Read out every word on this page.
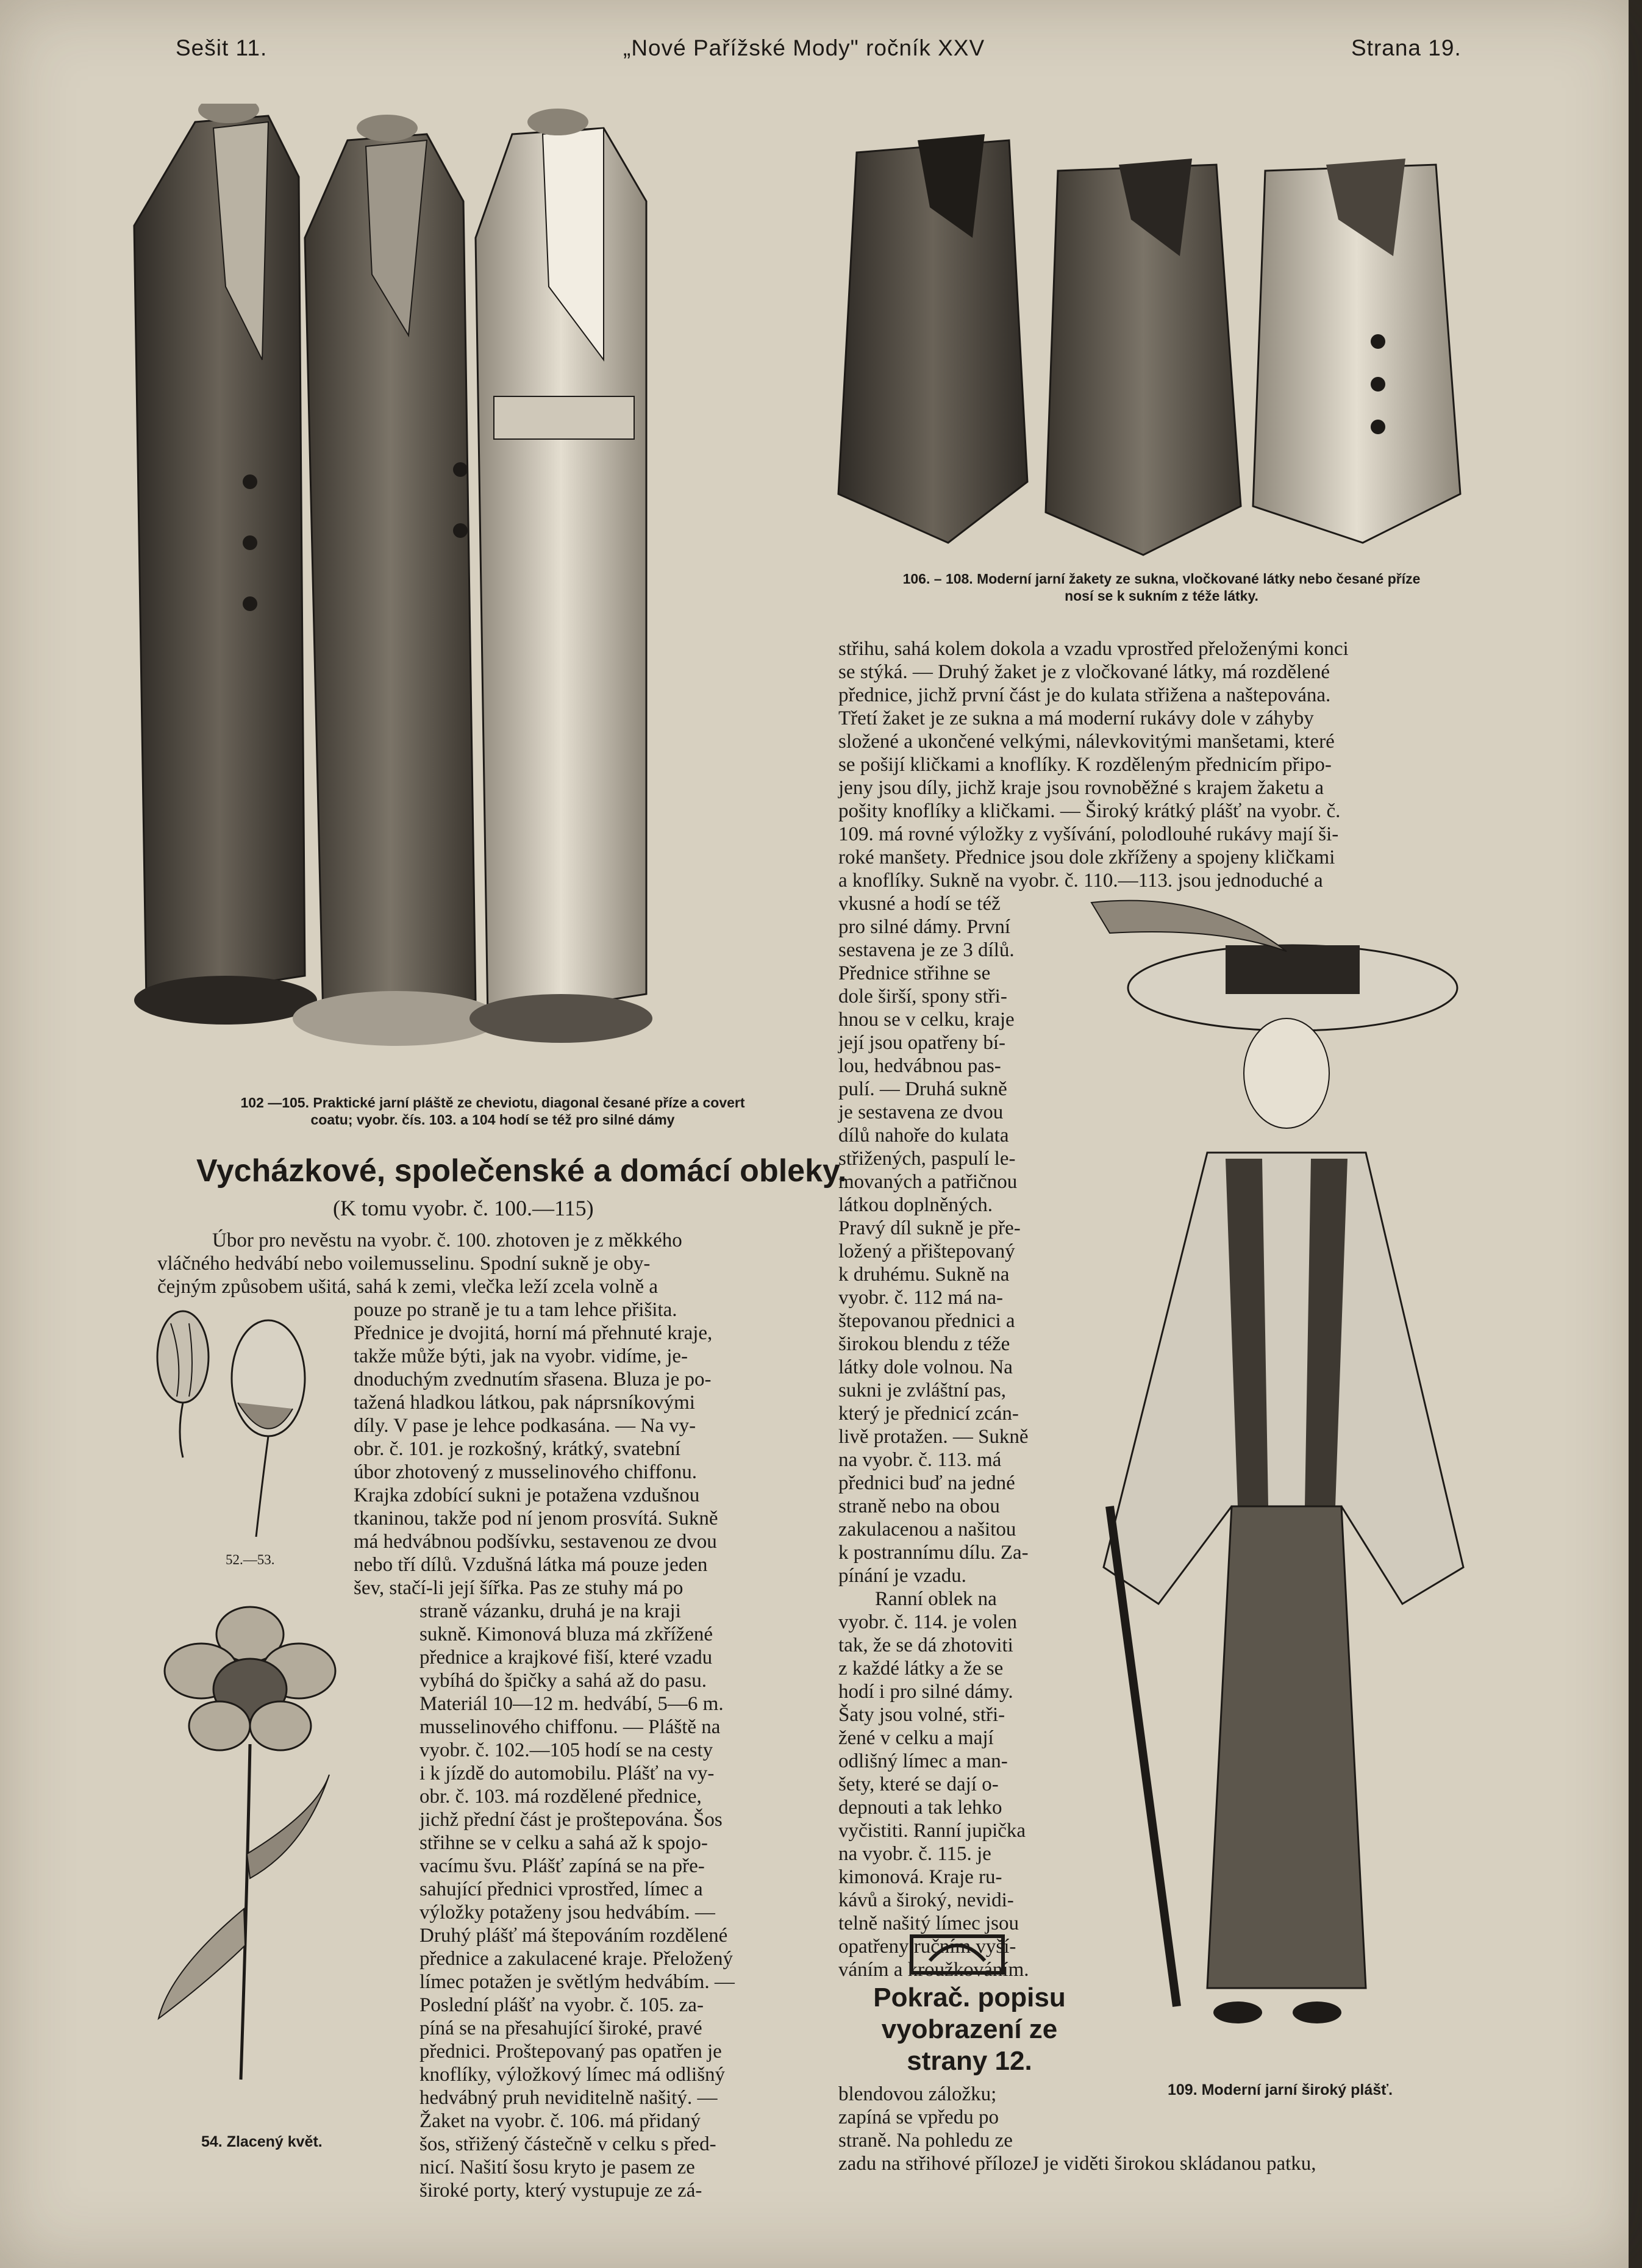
Sešit 11.	„Nové Pařížské Mody" ročník XXV	Strana 19.
106. – 108. Moderní jarní žakety ze sukna, vločkované látky nebo česané příze
nosí se k sukním z téže látky.
102 —105. Praktické jarní pláště ze cheviotu, diagonal česané příze a covert
coatu; vyobr. čís. 103. a 104 hodí se též pro silné dámy
Vycházkové, společenské a domácí obleky.
(K tomu vyobr. č. 100.—115)
Úbor pro nevěstu na vyobr. č. 100. zhotoven je z měkkého
vláčného hedvábí nebo voilemusselinu. Spodní sukně je oby-
čejným způsobem ušitá, sahá k zemi, vlečka leží zcela volně a
52.—53.
pouze po straně je tu a tam lehce přišita.
Přednice je dvojitá, horní má přehnuté kraje,
takže může býti, jak na vyobr. vidíme, je-
dnoduchým zvednutím sřasena. Bluza je po-
tažená hladkou látkou, pak náprsníkovými
díly. V pase je lehce podkasána. — Na vy-
obr. č. 101. je rozkošný, krátký, svatební
úbor zhotovený z musselinového chiffonu.
Krajka zdobící sukni je potažena vzdušnou
tkaninou, takže pod ní jenom prosvítá. Sukně
má hedvábnou podšívku, sestavenou ze dvou
nebo tří dílů. Vzdušná látka má pouze jeden
šev, stačí-li její šířka. Pas ze stuhy má po
54. Zlacený květ.
straně vázanku, druhá je na kraji
sukně. Kimonová bluza má zkřížené
přednice a krajkové fiší, které vzadu
vybíhá do špičky a sahá až do pasu.
Materiál 10—12 m. hedvábí, 5—6 m.
musselinového chiffonu. — Pláště na
vyobr. č. 102.—105 hodí se na cesty
i k jízdě do automobilu. Plášť na vy-
obr. č. 103. má rozdělené přednice,
jichž přední část je proštepována. Šos
střihne se v celku a sahá až k spojo-
vacímu švu. Plášť zapíná se na pře-
sahující přednici vprostřed, límec a
výložky potaženy jsou hedvábím. —
Druhý plášť má štepováním rozdělené
přednice a zakulacené kraje. Přeložený
límec potažen je světlým hedvábím. —
Poslední plášť na vyobr. č. 105. za-
píná se na přesahující široké, pravé
přednici. Proštepovaný pas opatřen je
knoflíky, výložkový límec má odlišný
hedvábný pruh neviditelně našitý. —
Žaket na vyobr. č. 106. má přidaný
šos, střižený částečně v celku s před-
nicí. Našití šosu kryto je pasem ze
široké porty, který vystupuje ze zá-
střihu, sahá kolem dokola a vzadu vprostřed přeloženými konci
se stýká. — Druhý žaket je z vločkované látky, má rozdělené
přednice, jichž první část je do kulata střižena a naštepována.
Třetí žaket je ze sukna a má moderní rukávy dole v záhyby
složené a ukončené velkými, nálevkovitými manšetami, které
se pošijí kličkami a knoflíky. K rozděleným přednicím připo-
jeny jsou díly, jichž kraje jsou rovnoběžné s krajem žaketu a
pošity knoflíky a kličkami. — Široký krátký plášť na vyobr. č.
109. má rovné výložky z vyšívání, polodlouhé rukávy mají ši-
roké manšety. Přednice jsou dole zkříženy a spojeny kličkami
a knoflíky. Sukně na vyobr. č. 110.—113. jsou jednoduché a
vkusné a hodí se též
pro silné dámy. První
sestavena je ze 3 dílů.
Přednice střihne se
dole širší, spony stři-
hnou se v celku, kraje
její jsou opatřeny bí-
lou, hedvábnou pas-
pulí. — Druhá sukně
je sestavena ze dvou
dílů nahoře do kulata
střižených, paspulí le-
movaných a patřičnou
látkou doplněných.
Pravý díl sukně je pře-
ložený a přištepovaný
k druhému. Sukně na
vyobr. č. 112 má na-
štepovanou přednici a
širokou blendu z téže
látky dole volnou. Na
sukni je zvláštní pas,
který je přednicí zcán-
livě protažen. — Sukně
na vyobr. č. 113. má
přednici buď na jedné
straně nebo na obou
zakulacenou a našitou
k postrannímu dílu. Za-
pínání je vzadu.
Ranní oblek na
vyobr. č. 114. je volen
tak, že se dá zhotoviti
z každé látky a že se
hodí i pro silné dámy.
Šaty jsou volné, stři-
žené v celku a mají
odlišný límec a man-
šety, které se dají o-
depnouti a tak lehko
vyčistiti. Ranní jupička
na vyobr. č. 115. je
kimonová. Kraje ru-
kávů a široký, nevidi-
telně našitý límec jsou
opatřeny ručním vyší-
váním a kroužkováním.
Pokrač. popisu
vyobrazení ze
strany 12.
blendovou záložku;
zapíná se vpředu po
straně. Na pohledu ze
zadu na střihové přílozeJ je viděti širokou skládanou patku,
109. Moderní jarní široký plášť.
